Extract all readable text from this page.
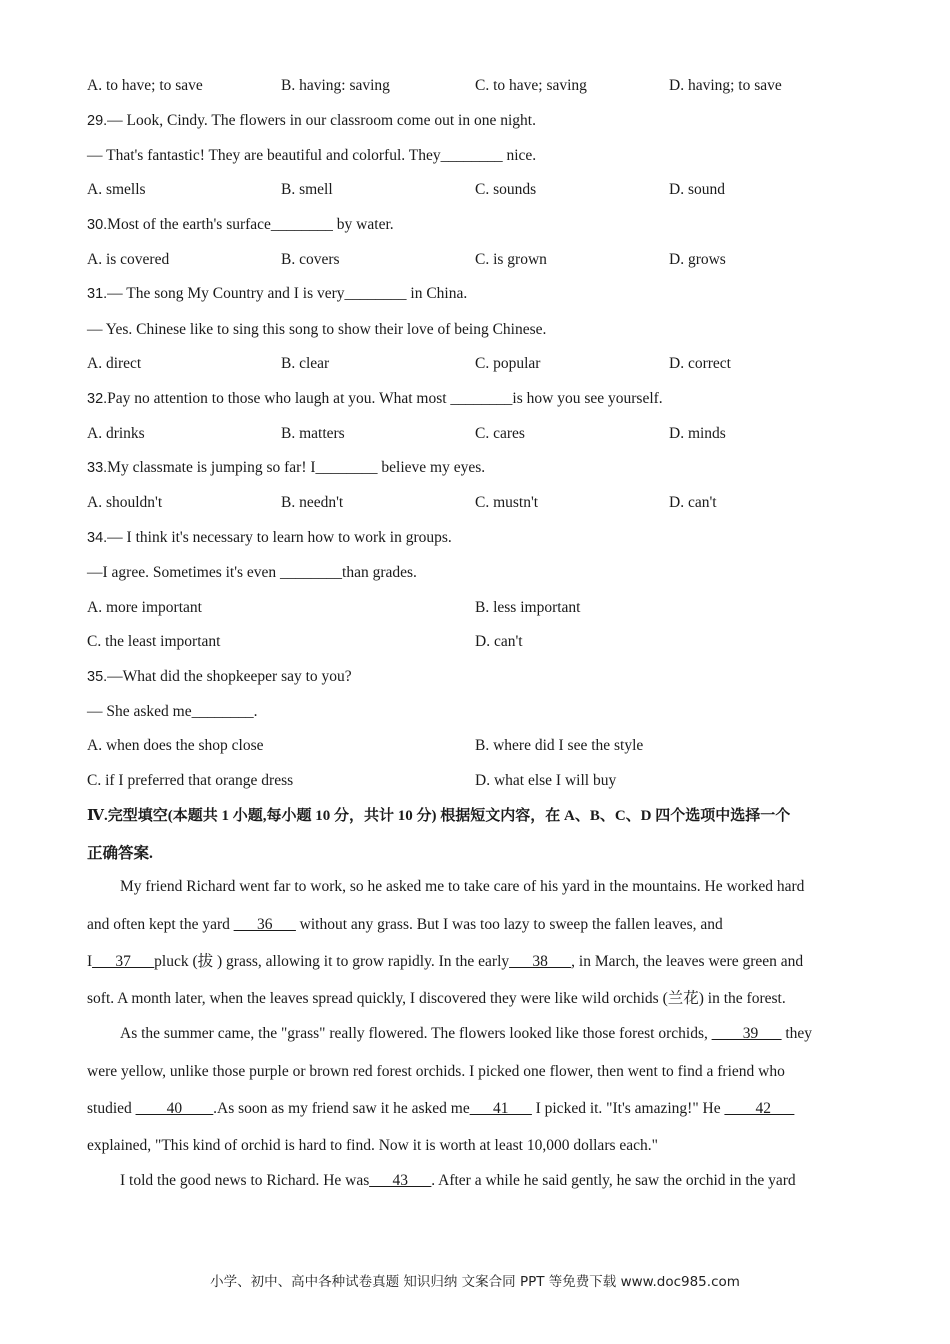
A. to have; to save	B. having: saving	C. to have; saving	D. having; to save
29.— Look, Cindy. The flowers in our classroom come out in one night.
— That's fantastic! They are beautiful and colorful. They________ nice.
A. smells	B. smell	C. sounds	D. sound
30.Most of the earth's surface________ by water.
A. is covered	B. covers	C. is grown	D. grows
31.— The song My Country and I is very________ in China.
— Yes. Chinese like to sing this song to show their love of being Chinese.
A. direct	B. clear	C. popular	D. correct
32.Pay no attention to those who laugh at you. What most ________is how you see yourself.
A. drinks	B. matters	C. cares	D. minds
33.My classmate is jumping so far! I________ believe my eyes.
A. shouldn't	B. needn't	C. mustn't	D. can't
34.— I think it's necessary to learn how to work in groups.
—I agree. Sometimes it's even ________than grades.
A. more important	B. less important
C. the least important	D. can't
35.—What did the shopkeeper say to you?
— She asked me________.
A. when does the shop close	B. where did I see the style
C. if I preferred that orange dress	D. what else I will buy
Ⅳ.完型填空(本题共 1 小题,每小题 10 分，共计 10 分) 根据短文内容，在 A、B、C、D 四个选项中选择一个
正确答案.
My friend Richard went far to work, so he asked me to take care of his yard in the mountains. He worked hard
and often kept the yard ___36___ without any grass. But I was too lazy to sweep the fallen leaves, and
I___37___pluck (拔 ) grass, allowing it to grow rapidly. In the early___38___, in March, the leaves were green and
soft. A month later, when the leaves spread quickly, I discovered they were like wild orchids (兰花) in the forest.
As the summer came, the "grass" really flowered. The flowers looked like those forest orchids, ____39___ they
were yellow, unlike those purple or brown red forest orchids. I picked one flower, then went to find a friend who
studied ____40____.As soon as my friend saw it he asked me___41___ I picked it. "It's amazing!" He ____42___
explained, "This kind of orchid is hard to find. Now it is worth at least 10,000 dollars each."
I told the good news to Richard. He was___43___. After a while he said gently, he saw the orchid in the yard
小学、初中、高中各种试卷真题 知识归纳 文案合同 PPT 等免费下载 www.doc985.com
